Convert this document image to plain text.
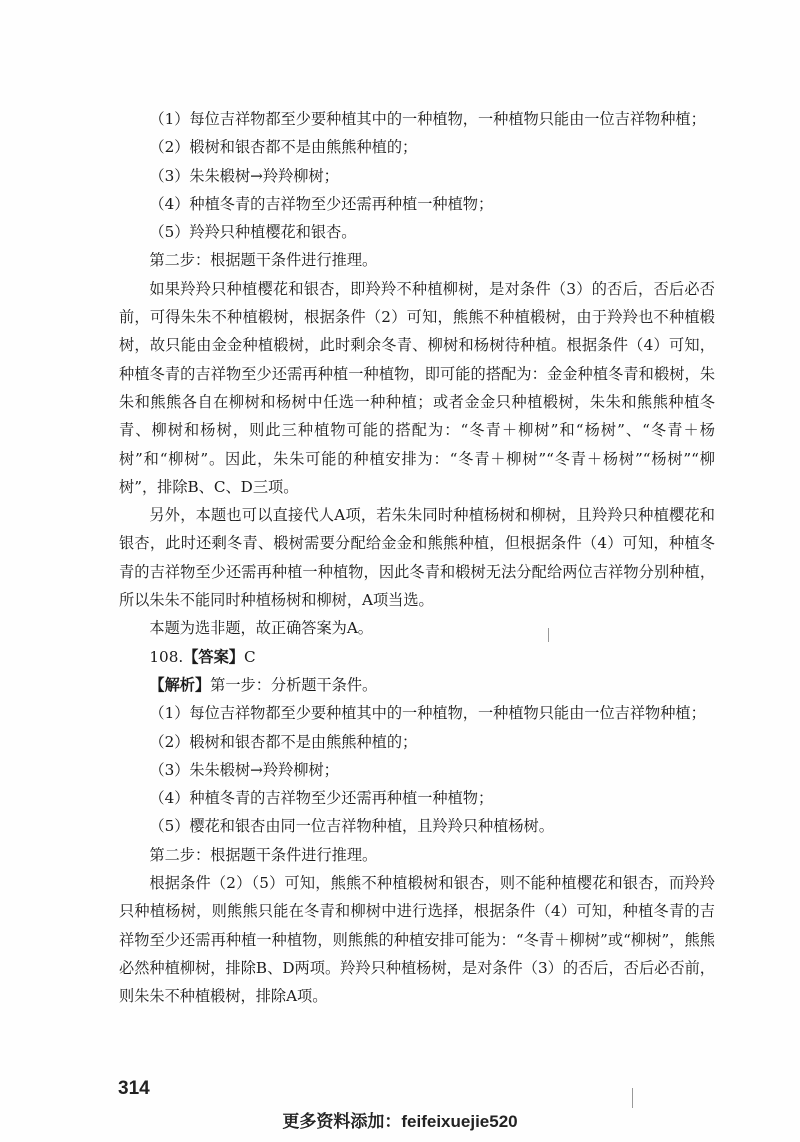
（1）每位吉祥物都至少要种植其中的一种植物，一种植物只能由一位吉祥物种植；

（2）椴树和银杏都不是由熊熊种植的；

（3）朱朱椴树→羚羚柳树；

（4）种植冬青的吉祥物至少还需再种植一种植物；

（5）羚羚只种植樱花和银杏。

第二步：根据题干条件进行推理。

如果羚羚只种植樱花和银杏，即羚羚不种植柳树，是对条件（3）的否后，否后必否前，可得朱朱不种植椴树，根据条件（2）可知，熊熊不种植椴树，由于羚羚也不种植椴树，故只能由金金种植椴树，此时剩余冬青、柳树和杨树待种植。根据条件（4）可知，种植冬青的吉祥物至少还需再种植一种植物，即可能的搭配为：金金种植冬青和椴树，朱朱和熊熊各自在柳树和杨树中任选一种种植；或者金金只种植椴树，朱朱和熊熊种植冬青、柳树和杨树，则此三种植物可能的搭配为：“冬青＋柳树”和“杨树”、“冬青＋杨树”和“柳树”。因此，朱朱可能的种植安排为：“冬青＋柳树”“冬青＋杨树”“杨树”“柳树”，排除B、C、D三项。

另外，本题也可以直接代人A项，若朱朱同时种植杨树和柳树，且羚羚只种植樱花和银杏，此时还剩冬青、椴树需要分配给金金和熊熊种植，但根据条件（4）可知，种植冬青的吉祥物至少还需再种植一种植物，因此冬青和椴树无法分配给两位吉祥物分别种植，所以朱朱不能同时种植杨树和柳树，A项当选。

本题为选非题，故正确答案为A。

108.【答案】C

【解析】第一步：分析题干条件。

（1）每位吉祥物都至少要种植其中的一种植物，一种植物只能由一位吉祥物种植；

（2）椴树和银杏都不是由熊熊种植的；

（3）朱朱椴树→羚羚柳树；

（4）种植冬青的吉祥物至少还需再种植一种植物；

（5）樱花和银杏由同一位吉祥物种植，且羚羚只种植杨树。

第二步：根据题干条件进行推理。

根据条件（2）（5）可知，熊熊不种植椴树和银杏，则不能种植樱花和银杏，而羚羚只种植杨树，则熊熊只能在冬青和柳树中进行选择，根据条件（4）可知，种植冬青的吉祥物至少还需再种植一种植物，则熊熊的种植安排可能为：“冬青＋柳树”或“柳树”，熊熊必然种植柳树，排除B、D两项。羚羚只种植杨树，是对条件（3）的否后，否后必否前，则朱朱不种植椴树，排除A项。

314
更多资料添加：feifeixuejie520
